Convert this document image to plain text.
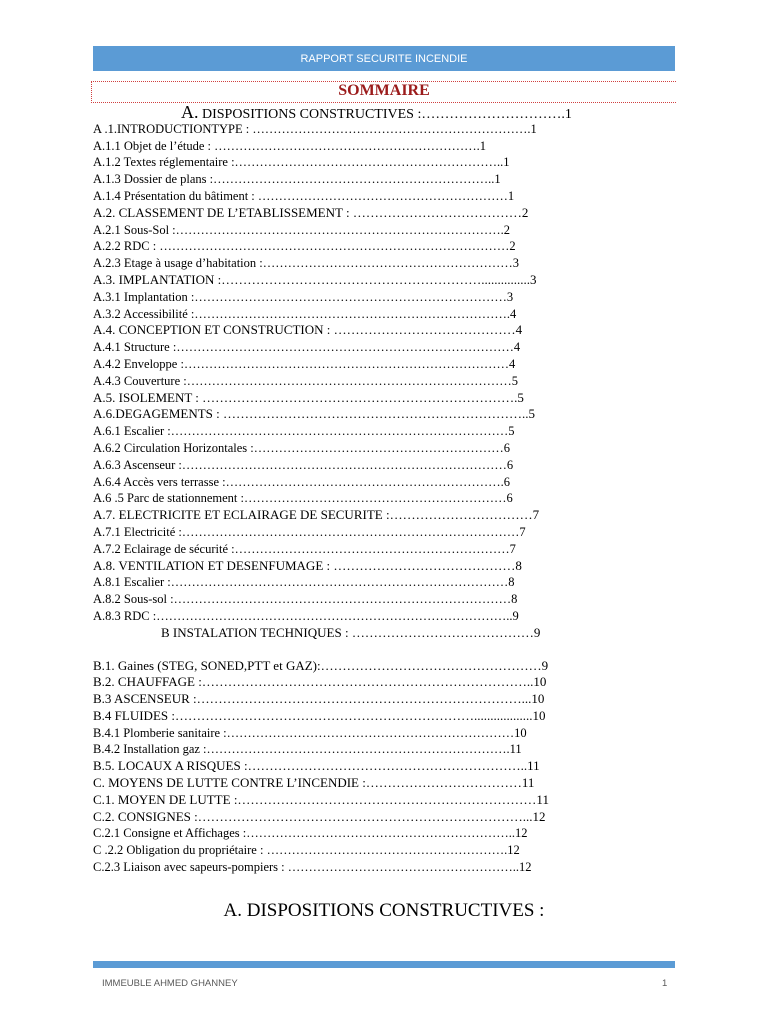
RAPPORT SECURITE INCENDIE
SOMMAIRE
A. DISPOSITIONS CONSTRUCTIVES :………………………….1
A .1.INTRODUCTIONTYPE : ………………………………………………………….1
A.1.1 Objet de l’étude : ……………………………………………………….1
A.1.2 Textes réglementaire :………………………………………………………..1
A.1.3 Dossier de plans :…………………………………………………………..1
A.1.4 Présentation du bâtiment : ……………………………………………………1
A.2. CLASSEMENT DE L’ETABLISSEMENT : …………………………………2
A.2.1 Sous-Sol :…………………………………………………………………….2
A.2.2 RDC : …………………………………………………………………………2
A.2.3 Etage à usage d’habitation :……………………………………………………3
A.3. IMPLANTATION :……………………………………………………...............3
A.3.1 Implantation :…………………………………………………………………3
A.3.2 Accessibilité :………………………………………………………………….4
A.4. CONCEPTION ET CONSTRUCTION : ……………………………………4
A.4.1 Structure :………………………………………………………………………4
A.4.2 Enveloppe :……………………………………………………………………4
A.4.3 Couverture :……………………………………………………………………5
A.5. ISOLEMENT : ……………………………………………………………….5
A.6.DEGAGEMENTS : ……………………………………………………………..5
A.6.1 Escalier :………………………………………………………………………5
A.6.2 Circulation Horizontales :……………………………………………………6
A.6.3 Ascenseur :……………………………………………………………………6
A.6.4 Accès vers terrasse :………………………………………………………….6
A.6 .5 Parc de stationnement :………………………………………………………6
A.7. ELECTRICITE ET ECLAIRAGE DE SECURITE :……………………………7
A.7.1 Electricité :………………………………………………………………………7
A.7.2 Eclairage de sécurité :…………………………………………………………7
A.8. VENTILATION ET DESENFUMAGE : ……………………………………8
A.8.1 Escalier :………………………………………………………………………8
A.8.2 Sous-sol :………………………………………………………………………8
A.8.3 RDC :…………………………………………………………………………..9
B INSTALATION TECHNIQUES : ……………………………………9
B.1. Gaines (STEG, SONED,PTT et GAZ):……………………………………………9
B.2. CHAUFFAGE :…………………………………………………………………..10
B.3 ASCENSEUR :…………………………………………………………………...10
B.4 FLUIDES :……………………………………………………………..................10
B.4.1 Plomberie sanitaire :……………………………………………………………10
B.4.2 Installation gaz :……………………………………………………………….11
B.5. LOCAUX A RISQUES :………………………………………………………..11
C. MOYENS DE LUTTE CONTRE L’INCENDIE :………………………………11
C.1. MOYEN DE LUTTE :……………………………………………………………11
C.2. CONSIGNES :…………………………………………………………………...12
C.2.1 Consigne et Affichages :………………………………………………………..12
C .2.2 Obligation du propriétaire : ………………………………………………….12
C.2.3 Liaison avec sapeurs-pompiers : ………………………………………………..12
A. DISPOSITIONS CONSTRUCTIVES :
IMMEUBLE AHMED GHANNEY	1
